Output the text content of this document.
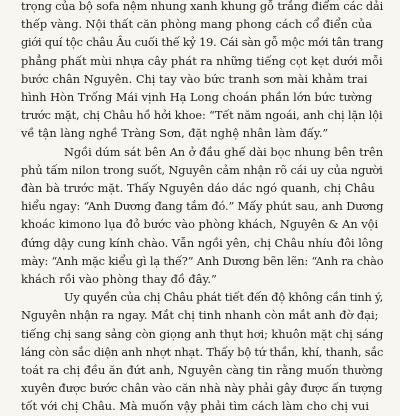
trọng của bộ sofa nệm nhung xanh khung gỗ trắng điểm các dải
thếp vàng. Nội thất căn phòng mang phong cách cổ điển của
giới quí tộc châu Âu cuối thế kỷ 19. Cái sàn gỗ mộc mới tân trang
phẳng phất mùi nhựa cây phát ra những tiếng cọt kẹt dưới mỗi
bước chân Nguyên. Chị tay vào bức tranh sơn mài khảm trai
hình Hòn Trống Mái vịnh Hạ Long choán phần lớn bức tường
trước mặt, chị Châu hồ hởi khoe: “Tết năm ngoái, anh chị lặn lội
về tận làng nghề Tràng Sơn, đặt nghệ nhân làm đấy.”
Ngồi dúm sát bên An ở đầu ghế dài bọc nhung bên trên
phủ tấm nilon trong suốt, Nguyên cảm nhận rõ cái uy của người
đàn bà trước mặt. Thấy Nguyên dáo dác ngó quanh, chị Châu
hiểu ngay: “Anh Dương đang tắm đó.” Mấy phút sau, anh Dương
khoác kimono lụa đỏ bước vào phòng khách, Nguyên & An vội
đứng dậy cung kính chào. Vẫn ngồi yên, chị Châu nhíu đôi lông
mày: “Anh mặc kiểu gì lạ thế?” Anh Dương bẽn lẽn: “Anh ra chào
khách rồi vào phòng thay đồ đây.”
Uy quyền của chị Châu phát tiết đến độ không cần tinh ý,
Nguyên nhận ra ngay. Mắt chị tinh nhanh còn mắt anh đờ đại;
tiếng chị sang sảng còn giọng anh thụt hơi; khuôn mặt chị sáng
láng còn sắc diện anh nhợt nhạt. Thấy bộ tứ thần, khí, thanh, sắc
toát ra chị đều ăn đứt anh, Nguyên càng tin rằng muốn thường
xuyên được bước chân vào căn nhà này phải gây được ấn tượng
tốt với chị Châu. Mà muốn vậy phải tìm cách làm cho chị vui
